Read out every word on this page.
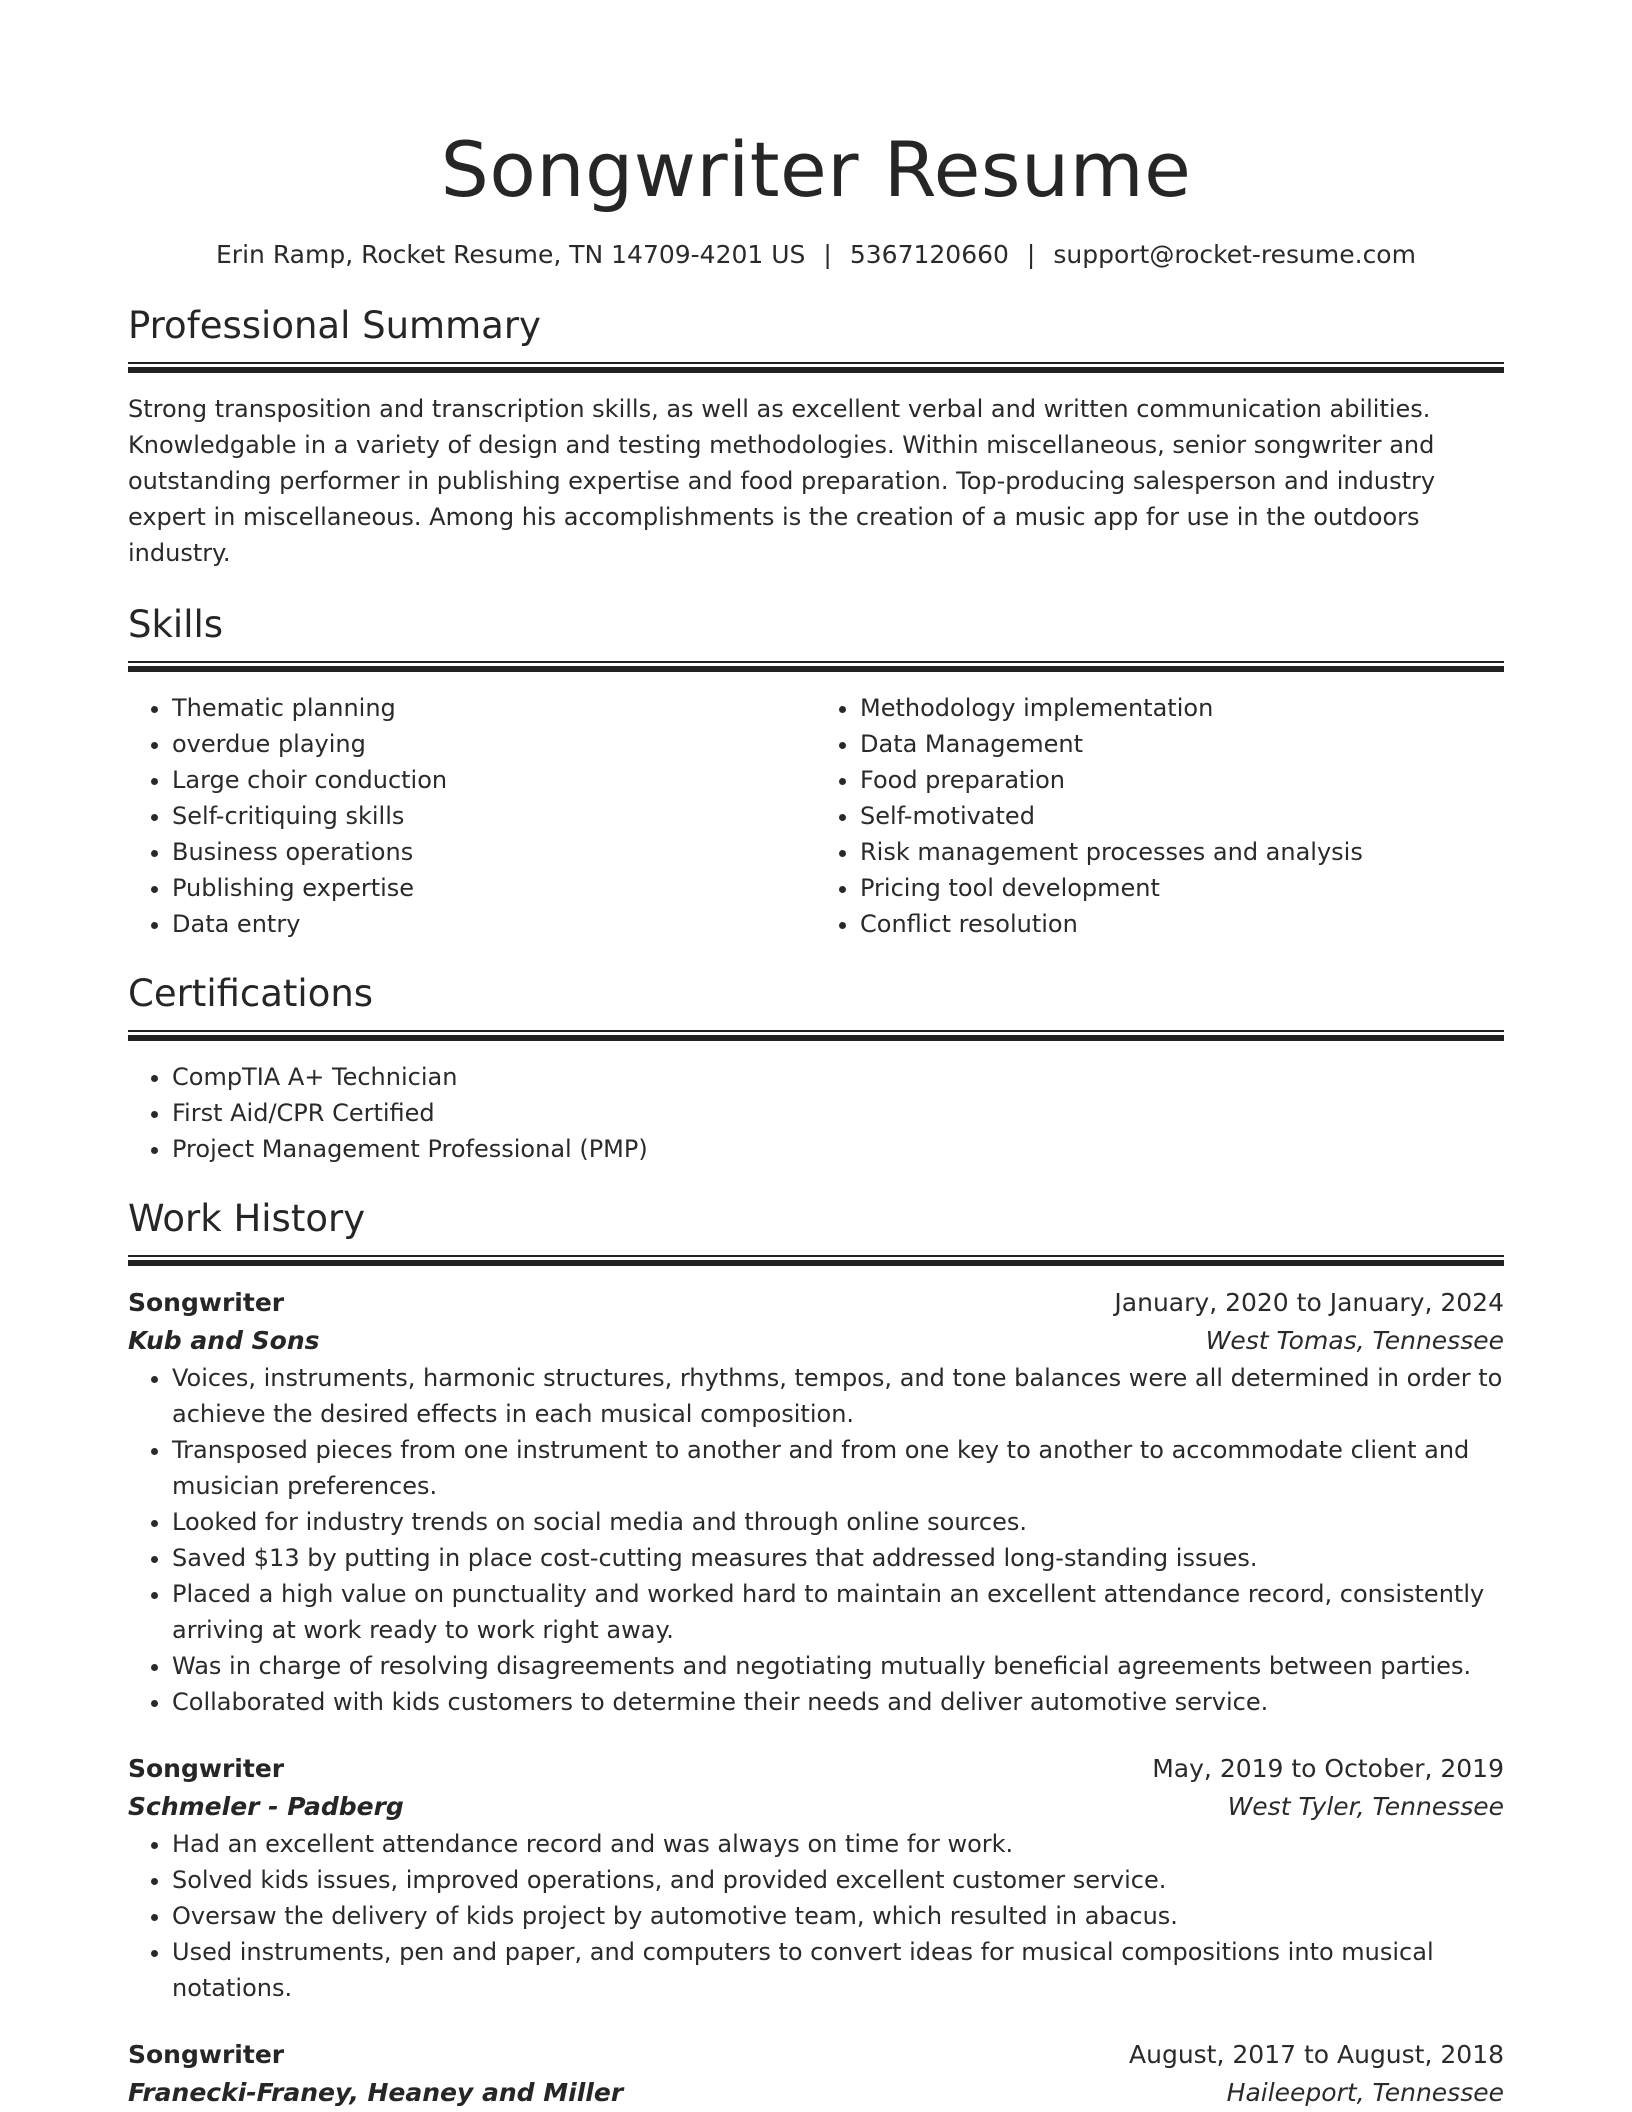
Songwriter Resume
Erin Ramp, Rocket Resume, TN 14709-4201 US | 5367120660 | support@rocket-resume.com
Professional Summary

Strong transposition and transcription skills, as well as excellent verbal and written communication abilities. Knowledgable in a variety of design and testing methodologies. Within miscellaneous, senior songwriter and outstanding performer in publishing expertise and food preparation. Top-producing salesperson and industry expert in miscellaneous. Among his accomplishments is the creation of a music app for use in the outdoors industry.

Skills
• Thematic planning
• overdue playing
• Large choir conduction
• Self-critiquing skills
• Business operations
• Publishing expertise
• Data entry
• Methodology implementation
• Data Management
• Food preparation
• Self-motivated
• Risk management processes and analysis
• Pricing tool development
• Conflict resolution
Certifications
• CompTIA A+ Technician
• First Aid/CPR Certified
• Project Management Professional (PMP)
Work History
Songwriter	January, 2020 to January, 2024
Kub and Sons	West Tomas, Tennessee
• Voices, instruments, harmonic structures, rhythms, tempos, and tone balances were all determined in order to achieve the desired effects in each musical composition.
• Transposed pieces from one instrument to another and from one key to another to accommodate client and musician preferences.
• Looked for industry trends on social media and through online sources.
• Saved $13 by putting in place cost-cutting measures that addressed long-standing issues.
• Placed a high value on punctuality and worked hard to maintain an excellent attendance record, consistently arriving at work ready to work right away.
• Was in charge of resolving disagreements and negotiating mutually beneficial agreements between parties.
• Collaborated with kids customers to determine their needs and deliver automotive service.
Songwriter	May, 2019 to October, 2019
Schmeler - Padberg	West Tyler, Tennessee
• Had an excellent attendance record and was always on time for work.
• Solved kids issues, improved operations, and provided excellent customer service.
• Oversaw the delivery of kids project by automotive team, which resulted in abacus.
• Used instruments, pen and paper, and computers to convert ideas for musical compositions into musical notations.
Songwriter	August, 2017 to August, 2018
Franecki-Franey, Heaney and Miller	Haileeport, Tennessee
